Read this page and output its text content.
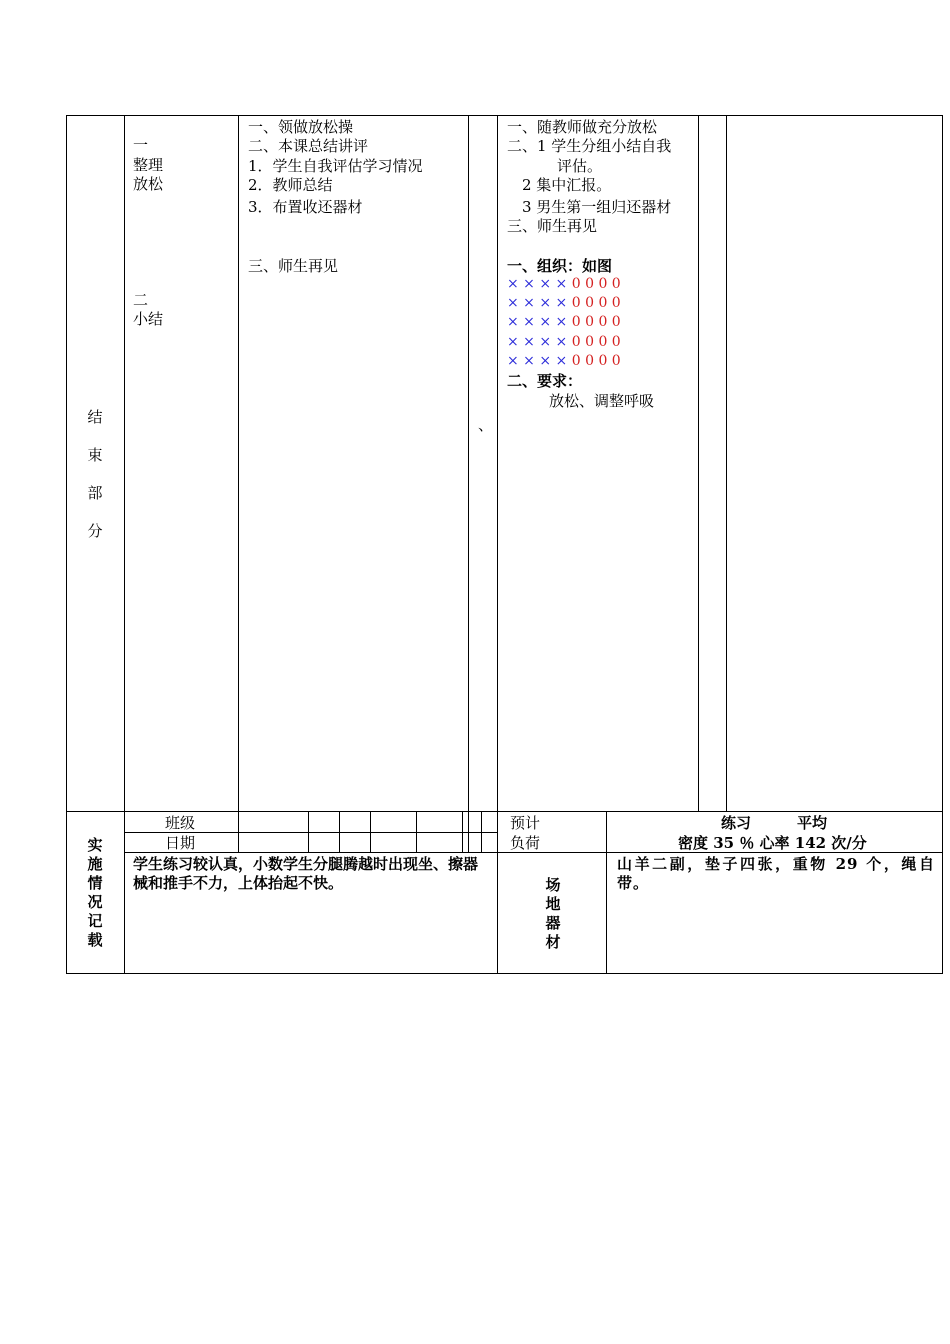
结束部分
一
整理
放松
二
小结
一、领做放松操
二、本课总结讲评
1．学生自我评估学习情况
2．教师总结
3．布置收还器材
三、师生再见
、
一、随教师做充分放松
二、1 学生分组小结自我
评估。
2 集中汇报。
3 男生第一组归还器材
三、师生再见
一、组织：如图
× × × × 0 0 0 0
× × × × 0 0 0 0
× × × × 0 0 0 0
× × × × 0 0 0 0
× × × × 0 0 0 0
二、要求：
放松、调整呼吸
实施情况记载
班级
日期
预计
负荷
练习	平均
密度 35 ％ 心率 142 次/分
学生练习较认真，小数学生分腿腾越时出现坐、擦器械和推手不力，上体抬起不快。	场地器材
山羊二副，垫子四张，重物 29 个，绳自带。
